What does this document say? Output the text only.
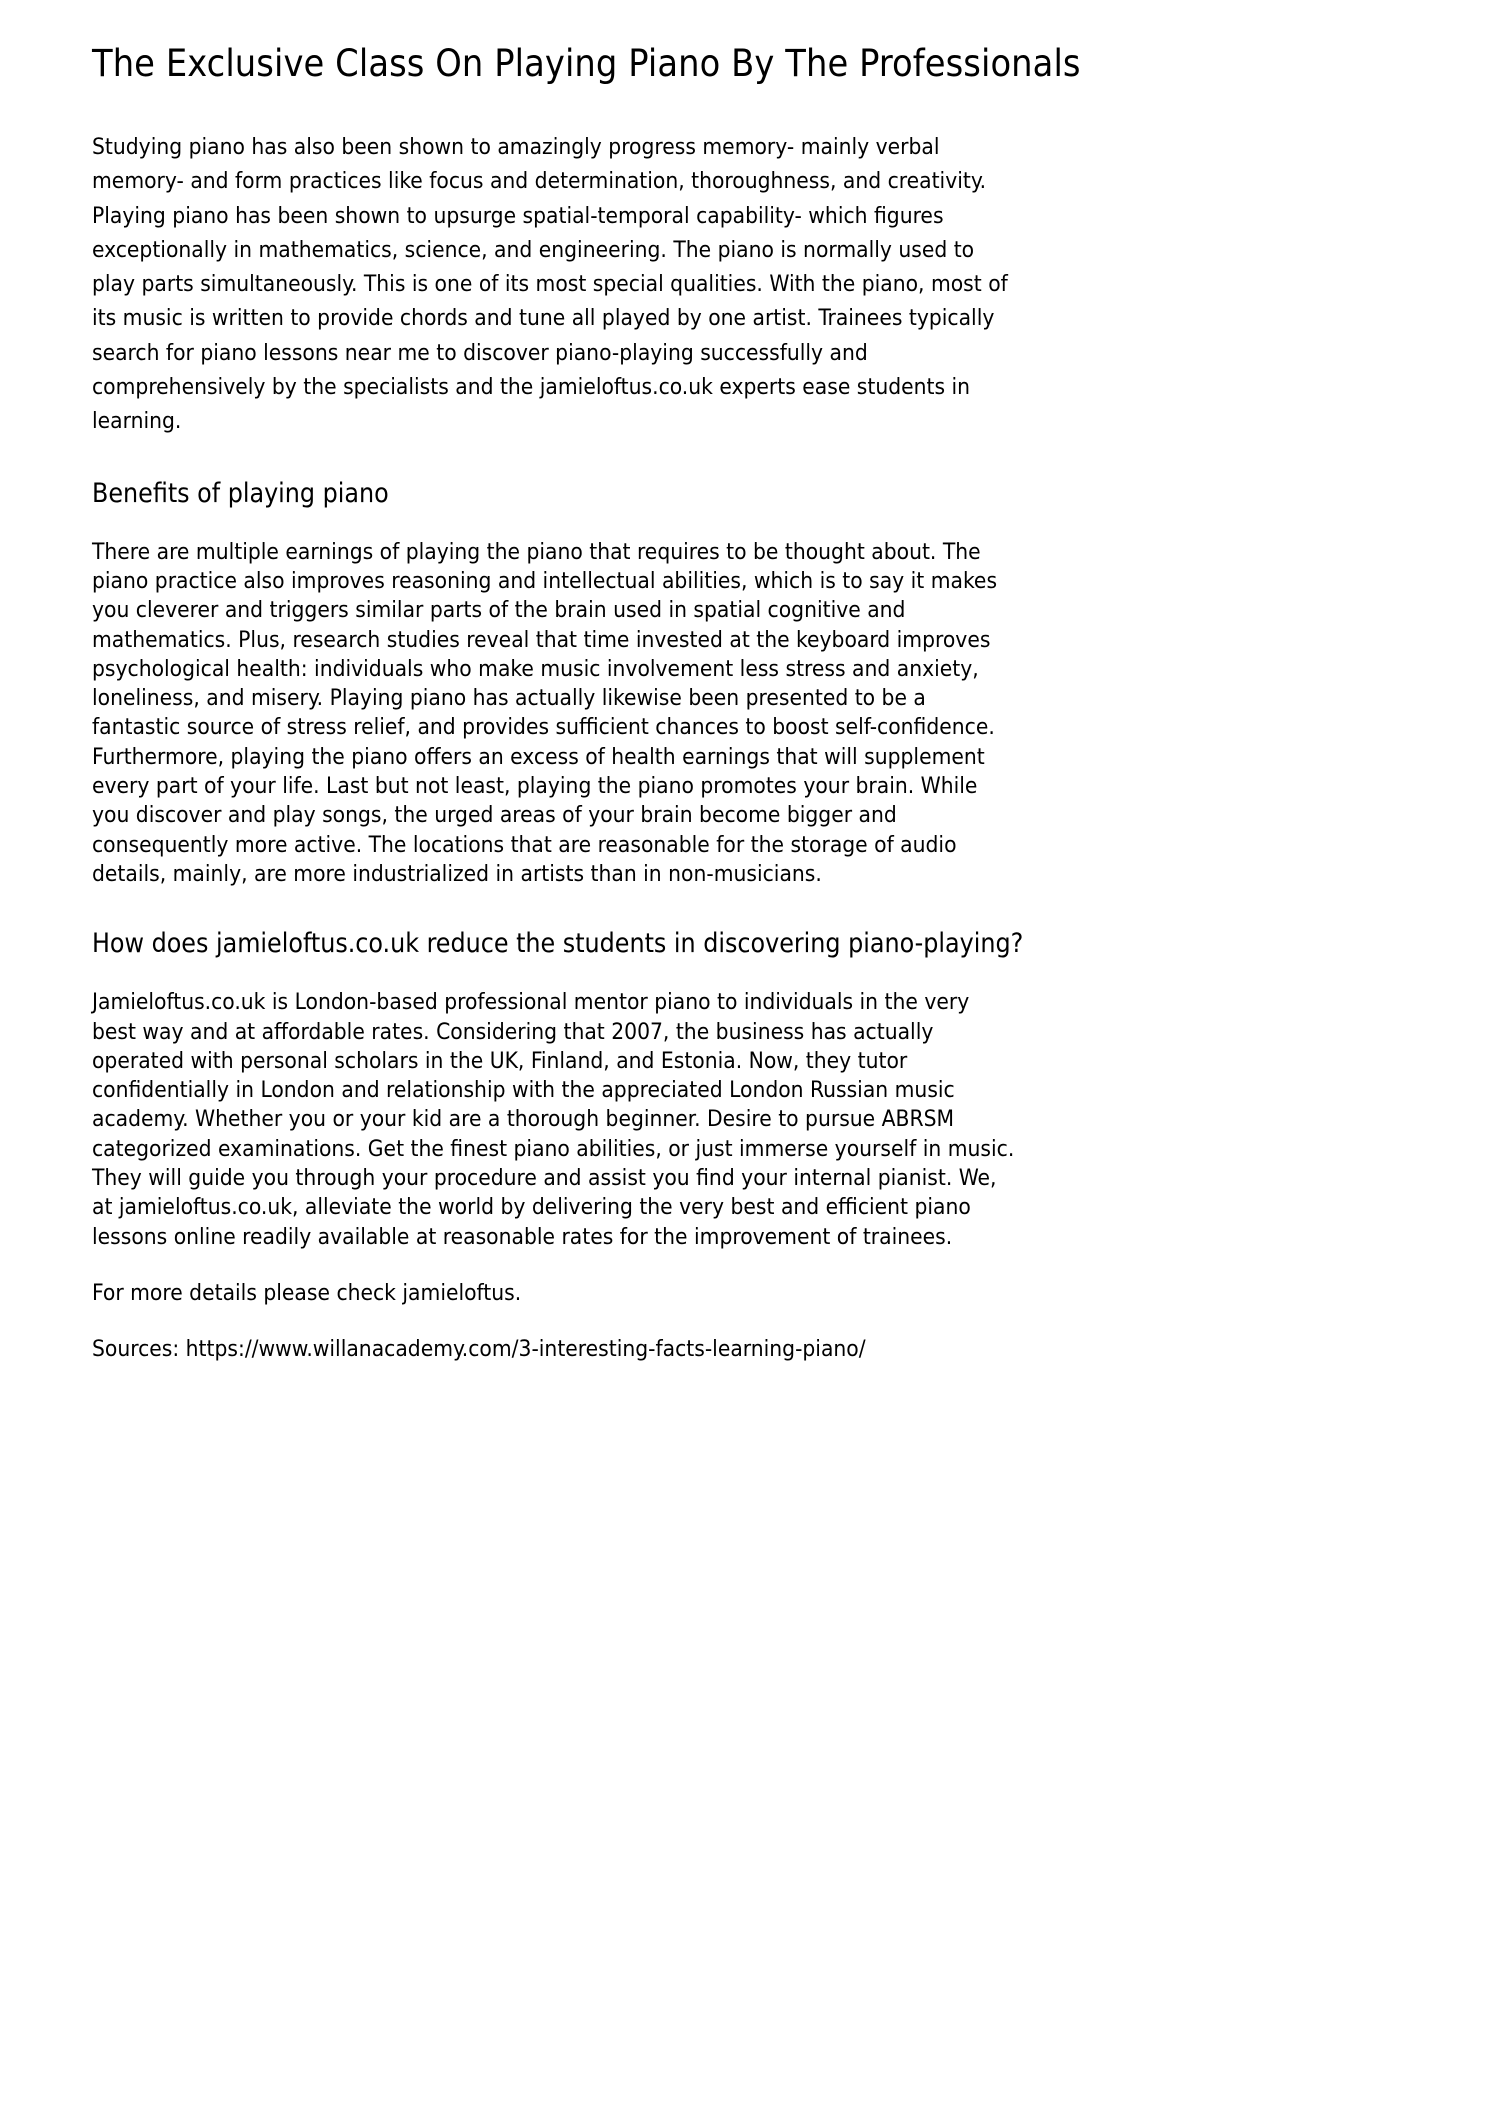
The Exclusive Class On Playing Piano By The Professionals

Studying piano has also been shown to amazingly progress memory- mainly verbal memory- and form practices like focus and determination, thoroughness, and creativity. Playing piano has been shown to upsurge spatial-temporal capability- which figures exceptionally in mathematics, science, and engineering. The piano is normally used to play parts simultaneously. This is one of its most special qualities. With the piano, most of its music is written to provide chords and tune all played by one artist. Trainees typically search for piano lessons near me to discover piano-playing successfully and comprehensively by the specialists and the jamieloftus.co.uk experts ease students in learning.

Benefits of playing piano

There are multiple earnings of playing the piano that requires to be thought about. The piano practice also improves reasoning and intellectual abilities, which is to say it makes you cleverer and triggers similar parts of the brain used in spatial cognitive and mathematics. Plus, research studies reveal that time invested at the keyboard improves psychological health: individuals who make music involvement less stress and anxiety, loneliness, and misery. Playing piano has actually likewise been presented to be a fantastic source of stress relief, and provides sufficient chances to boost self-confidence.

Furthermore, playing the piano offers an excess of health earnings that will supplement every part of your life. Last but not least, playing the piano promotes your brain. While you discover and play songs, the urged areas of your brain become bigger and consequently more active. The locations that are reasonable for the storage of audio details, mainly, are more industrialized in artists than in non-musicians.

How does jamieloftus.co.uk reduce the students in discovering piano-playing?

Jamieloftus.co.uk is London-based professional mentor piano to individuals in the very best way and at affordable rates. Considering that 2007, the business has actually operated with personal scholars in the UK, Finland, and Estonia. Now, they tutor confidentially in London and relationship with the appreciated London Russian music academy. Whether you or your kid are a thorough beginner. Desire to pursue ABRSM categorized examinations. Get the finest piano abilities, or just immerse yourself in music. They will guide you through your procedure and assist you find your internal pianist. We, at jamieloftus.co.uk, alleviate the world by delivering the very best and efficient piano lessons online readily available at reasonable rates for the improvement of trainees.

For more details please check jamieloftus.

Sources: https://www.willanacademy.com/3-interesting-facts-learning-piano/
